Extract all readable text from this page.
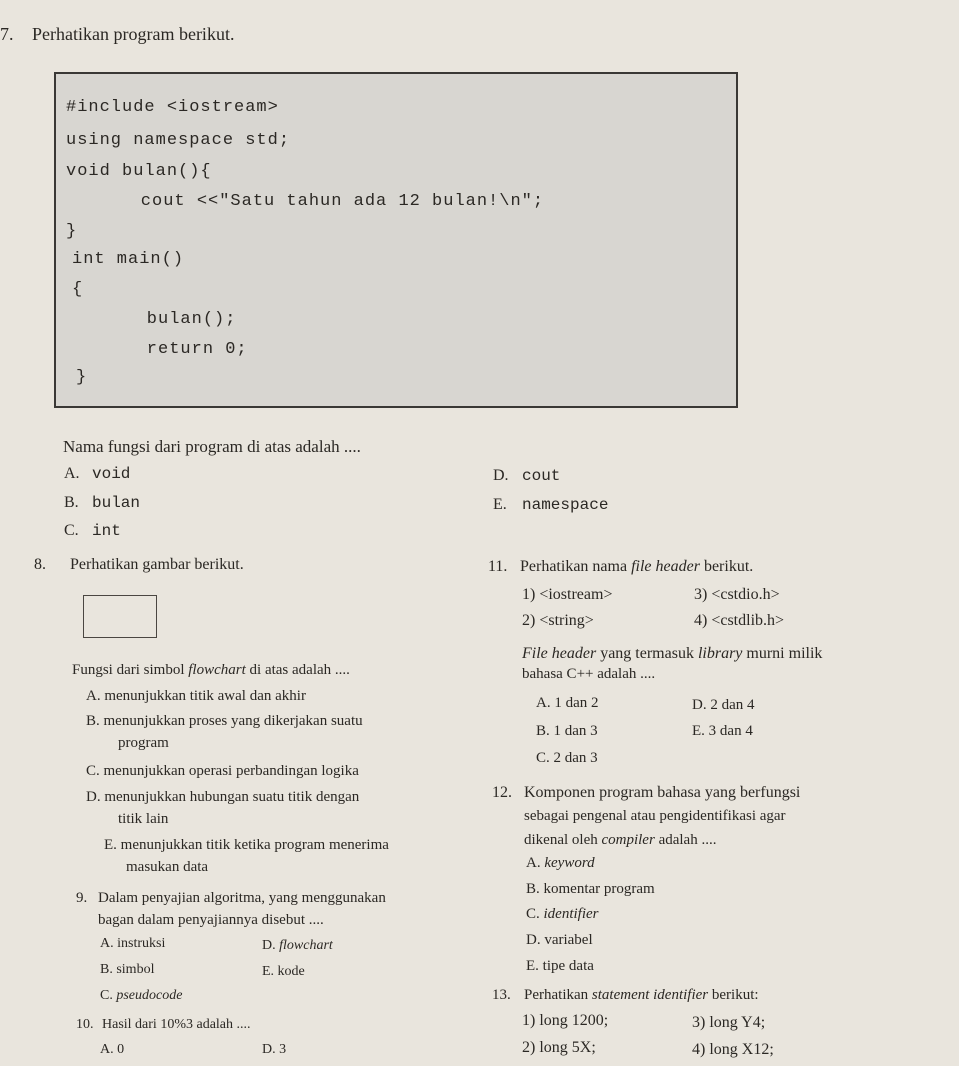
7. Perhatikan program berikut.
#include <iostream>
using namespace std;
void bulan(){
cout <<"Satu tahun ada 12 bulan!\n";
}
int main()
{
bulan();
return 0;
}
Nama fungsi dari program di atas adalah ....
A. void
B. bulan
C. int
D. cout
E. namespace
8. Perhatikan gambar berikut.
Fungsi dari simbol flowchart di atas adalah ....
A. menunjukkan titik awal dan akhir
B. menunjukkan proses yang dikerjakan suatu
program
C. menunjukkan operasi perbandingan logika
D. menunjukkan hubungan suatu titik dengan
titik lain
E. menunjukkan titik ketika program menerima
masukan data
9. Dalam penyajian algoritma, yang menggunakan
bagan dalam penyajiannya disebut ....
A. instruksi	D. flowchart
B. simbol	E. kode
C. pseudocode
10. Hasil dari 10%3 adalah ....
A. 0	D. 3
11. Perhatikan nama file header berikut.
1) <iostream>	3) <cstdio.h>
2) <string>	4) <cstdlib.h>
File header yang termasuk library murni milik
bahasa C++ adalah ....
A. 1 dan 2	D. 2 dan 4
B. 1 dan 3	E. 3 dan 4
C. 2 dan 3
12. Komponen program bahasa yang berfungsi
sebagai pengenal atau pengidentifikasi agar
dikenal oleh compiler adalah ....
A. keyword
B. komentar program
C. identifier
D. variabel
E. tipe data
13. Perhatikan statement identifier berikut:
1) long 1200;	3) long Y4;
2) long 5X;	4) long X12;
